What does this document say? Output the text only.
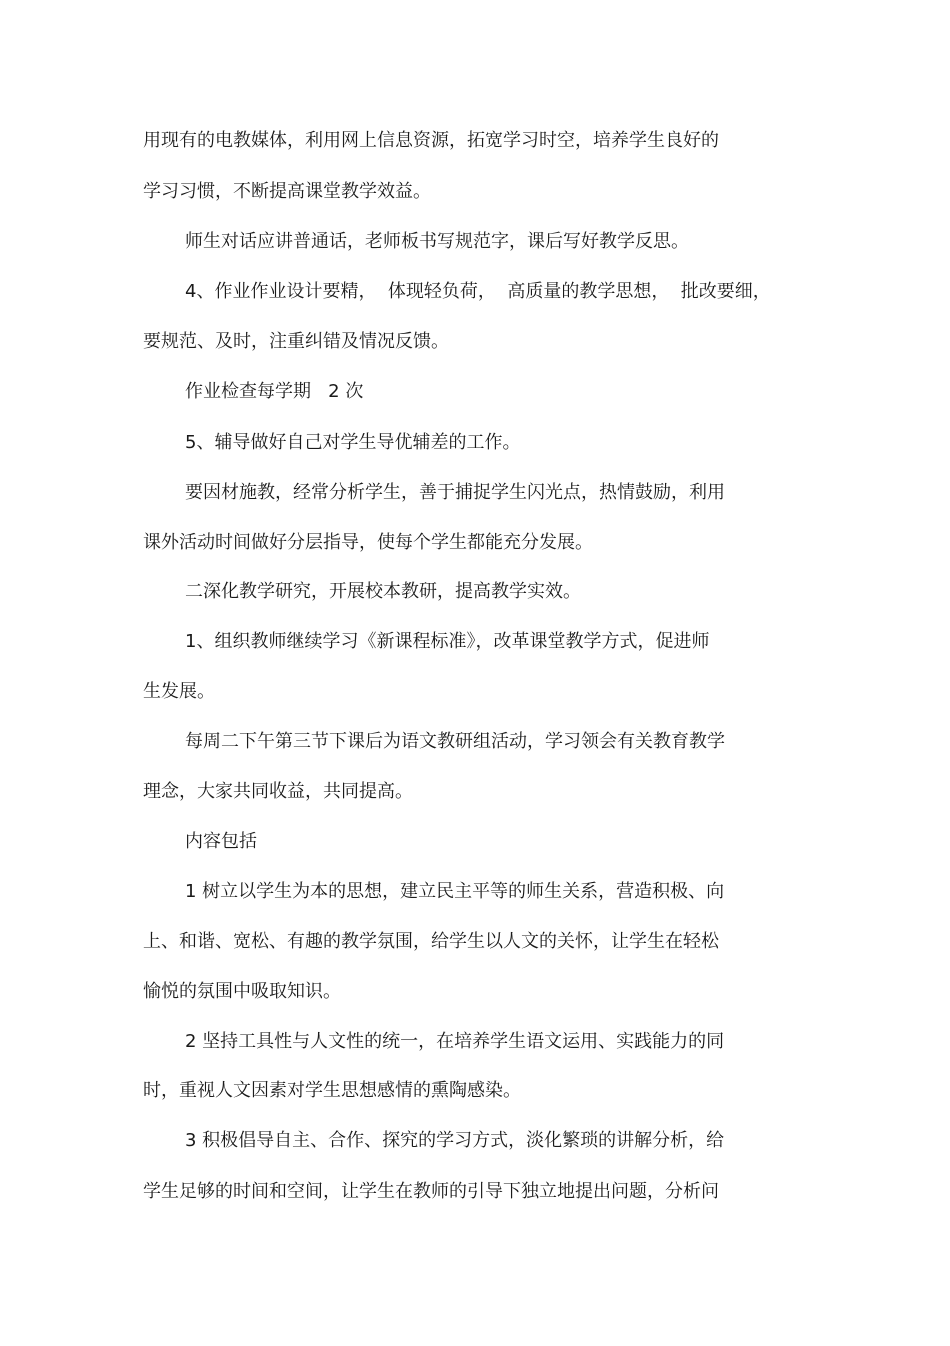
用现有的电教媒体，利用网上信息资源，拓宽学习时空，培养学生良好的
学习习惯，不断提高课堂教学效益。
师生对话应讲普通话，老师板书写规范字，课后写好教学反思。
4、作业作业设计要精，  体现轻负荷，  高质量的教学思想，  批改要细，
要规范、及时，注重纠错及情况反馈。
作业检查每学期   2 次
5、辅导做好自己对学生导优辅差的工作。
要因材施教，经常分析学生，善于捕捉学生闪光点，热情鼓励，利用
课外活动时间做好分层指导，使每个学生都能充分发展。
二深化教学研究，开展校本教研，提高教学实效。
1、组织教师继续学习《新课程标准》，改革课堂教学方式，促进师
生发展。
每周二下午第三节下课后为语文教研组活动，学习领会有关教育教学
理念，大家共同收益，共同提高。
内容包括
1 树立以学生为本的思想，建立民主平等的师生关系，营造积极、向
上、和谐、宽松、有趣的教学氛围，给学生以人文的关怀，让学生在轻松
愉悦的氛围中吸取知识。
2 坚持工具性与人文性的统一，在培养学生语文运用、实践能力的同
时，重视人文因素对学生思想感情的熏陶感染。
3 积极倡导自主、合作、探究的学习方式，淡化繁琐的讲解分析，给
学生足够的时间和空间，让学生在教师的引导下独立地提出问题，分析问
